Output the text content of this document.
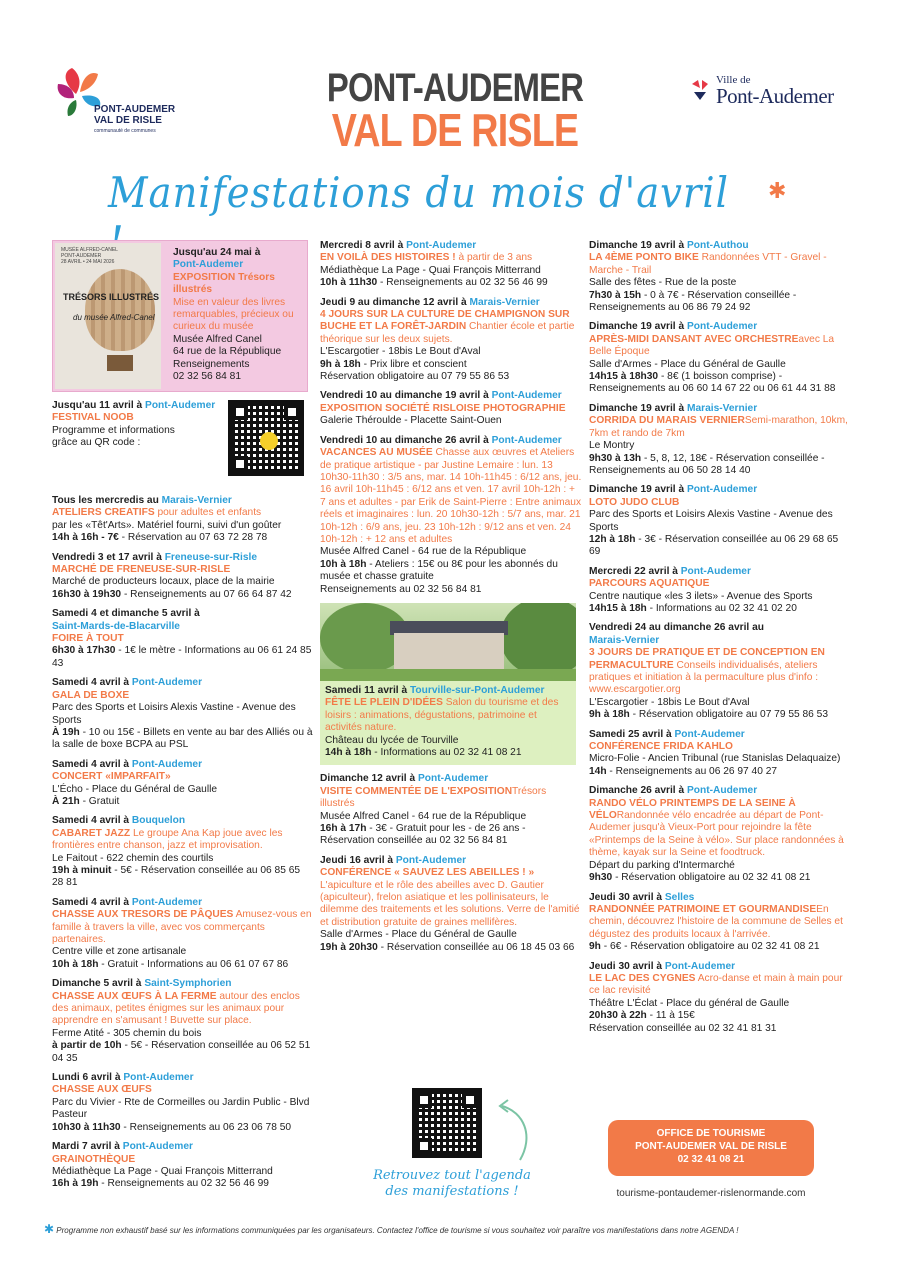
PONT-AUDEMER
VAL DE RISLE
communauté de communes
PONT-AUDEMER
VAL DE RISLE
Ville de
Pont-Audemer
Manifestations du mois d'avril	✱
MUSÉE ALFRED-CANEL
PONT-AUDEMER
28 AVRIL • 24 MAI 2026
TRÉSORS ILLUSTRÉS
du musée Alfred-Canel
Jusqu'au 24 mai à
Pont-Audemer
EXPOSITION Trésors illustrés
Mise en valeur des livres remarquables, précieux ou curieux du musée
Musée Alfred Canel
64 rue de la République
Renseignements
02 32 56 84 81
Jusqu'au 11 avril à Pont-Audemer
FESTIVAL NOOB
Programme et informations
grâce au QR code :
Tous les mercredis au Marais-Vernier
ATELIERS CREATIFS pour adultes et enfants
par les «Têt'Arts». Matériel fourni, suivi d'un goûter
14h à 16h - 7€ - Réservation au 07 63 72 28 78
Vendredi 3 et 17 avril à Freneuse-sur-Risle
MARCHÉ DE FRENEUSE-SUR-RISLE
Marché de producteurs locaux, place de la mairie
16h30 à 19h30 - Renseignements au 07 66 64 87 42
Samedi 4 et dimanche 5 avril à
Saint-Mards-de-Blacarville
FOIRE À TOUT
6h30 à 17h30 - 1€ le mètre - Informations au 06 61 24 85 43
Samedi 4 avril à Pont-Audemer
GALA DE BOXE
Parc des Sports et Loisirs Alexis Vastine - Avenue des Sports
À 19h - 10 ou 15€ - Billets en vente au bar des Alliés ou à la salle de boxe BCPA au PSL
Samedi 4 avril à Pont-Audemer
CONCERT «IMPARFAIT»
L'Écho - Place du Général de Gaulle
À 21h - Gratuit
Samedi 4 avril à Bouquelon
CABARET JAZZ Le groupe Ana Kap joue avec les frontières entre chanson, jazz et improvisation.
Le Faitout - 622 chemin des courtils
19h à minuit - 5€ - Réservation conseillée au 06 85 65 28 81
Samedi 4 avril à Pont-Audemer
CHASSE AUX TRESORS DE PÂQUES Amusez-vous en famille à travers la ville, avec vos commerçants partenaires.
Centre ville et zone artisanale
10h à 18h - Gratuit - Informations au 06 61 07 67 86
Dimanche 5 avril à Saint-Symphorien
CHASSE AUX ŒUFS À LA FERME autour des enclos des animaux, petites énigmes sur les animaux pour apprendre en s'amusant ! Buvette sur place.
Ferme Atité - 305 chemin du bois
à partir de 10h - 5€ - Réservation conseillée au 06 52 51 04 35
Lundi 6 avril à Pont-Audemer
CHASSE AUX ŒUFS
Parc du Vivier - Rte de Cormeilles ou Jardin Public - Blvd Pasteur
10h30 à 11h30 - Renseignements au 06 23 06 78 50
Mardi 7 avril à Pont-Audemer
GRAINOTHÈQUE
Médiathèque La Page - Quai François Mitterrand
16h à 19h - Renseignements au 02 32 56 46 99
Mercredi 8 avril à Pont-Audemer
EN VOILÀ DES HISTOIRES ! à partir de 3 ans
Médiathèque La Page - Quai François Mitterrand
10h à 11h30 - Renseignements au 02 32 56 46 99
Jeudi 9 au dimanche 12 avril à Marais-Vernier
4 JOURS SUR LA CULTURE DE CHAMPIGNON SUR BUCHE ET LA FORÊT-JARDIN Chantier école et partie théorique sur les deux sujets.
L'Escargotier - 18bis Le Bout d'Aval
9h à 18h - Prix libre et conscient
Réservation obligatoire au 07 79 55 86 53
Vendredi 10 au dimanche 19 avril à Pont-Audemer
EXPOSITION SOCIÉTÉ RISLOISE PHOTOGRAPHIE
Galerie Théroulde - Placette Saint-Ouen
Vendredi 10 au dimanche 26 avril à Pont-Audemer
VACANCES AU MUSÉE Chasse aux œuvres et Ateliers de pratique artistique - par Justine Lemaire : lun. 13 10h30-11h30 : 3/5 ans, mar. 14 10h-11h45 : 6/12 ans, jeu. 16 avril 10h-11h45 : 6/12 ans et ven. 17 avril 10h-12h : + 7 ans et adultes - par Erik de Saint-Pierre : Entre animaux réels et imaginaires : lun. 20 10h30-12h : 5/7 ans, mar. 21 10h-12h : 6/9 ans, jeu. 23 10h-12h : 9/12 ans et ven. 24 10h-12h : + 12 ans et adultes
Musée Alfred Canel - 64 rue de la République
10h à 18h - Ateliers : 15€ ou 8€ pour les abonnés du musée et chasse gratuite
Renseignements au 02 32 56 84 81
Samedi 11 avril à Tourville-sur-Pont-Audemer
FÊTE LE PLEIN D'IDÉES Salon du tourisme et des loisirs : animations, dégustations, patrimoine et activités nature.
Château du lycée de Tourville
14h à 18h - Informations au 02 32 41 08 21
Dimanche 12 avril à Pont-Audemer
VISITE COMMENTÉE DE L'EXPOSITIONTrésors illustrés
Musée Alfred Canel - 64 rue de la République
16h à 17h - 3€ - Gratuit pour les - de 26 ans - Réservation conseillée au 02 32 56 84 81
Jeudi 16 avril à Pont-Audemer
CONFÉRENCE « SAUVEZ LES ABEILLES ! » L'apiculture et le rôle des abeilles avec D. Gautier (apiculteur), frelon asiatique et les pollinisateurs, le dilemme des traitements et les solutions. Verre de l'amitié et distribution gratuite de graines mellifères.
Salle d'Armes - Place du Général de Gaulle
19h à 20h30 - Réservation conseillée au 06 18 45 03 66
Dimanche 19 avril à Pont-Authou
LA 4ÈME PONTO BIKE Randonnées VTT - Gravel - Marche - Trail
Salle des fêtes - Rue de la poste
7h30 à 15h - 0 à 7€ - Réservation conseillée - Renseignements au 06 86 79 24 92
Dimanche 19 avril à Pont-Audemer
APRÈS-MIDI DANSANT AVEC ORCHESTREavec La Belle Époque
Salle d'Armes - Place du Général de Gaulle
14h15 à 18h30 - 8€ (1 boisson comprise) - Renseignements au 06 60 14 67 22 ou 06 61 44 31 88
Dimanche 19 avril à Marais-Vernier
CORRIDA DU MARAIS VERNIERSemi-marathon, 10km, 7km et rando de 7km
Le Montry
9h30 à 13h - 5, 8, 12, 18€ - Réservation conseillée - Renseignements au 06 50 28 14 40
Dimanche 19 avril à Pont-Audemer
LOTO JUDO CLUB
Parc des Sports et Loisirs Alexis Vastine - Avenue des Sports
12h à 18h - 3€ - Réservation conseillée au 06 29 68 65 69
Mercredi 22 avril à Pont-Audemer
PARCOURS AQUATIQUE
Centre nautique «les 3 ilets» - Avenue des Sports
14h15 à 18h - Informations au 02 32 41 02 20
Vendredi 24 au dimanche 26 avril au
Marais-Vernier
3 JOURS DE PRATIQUE ET DE CONCEPTION EN PERMACULTURE Conseils individualisés, ateliers pratiques et initiation à la permaculture plus d'info : www.escargotier.org
L'Escargotier - 18bis Le Bout d'Aval
9h à 18h - Réservation obligatoire au 07 79 55 86 53
Samedi 25 avril à Pont-Audemer
CONFÉRENCE FRIDA KAHLO
Micro-Folie - Ancien Tribunal (rue Stanislas Delaquaize)
14h - Renseignements au 06 26 97 40 27
Dimanche 26 avril à Pont-Audemer
RANDO VÉLO PRINTEMPS DE LA SEINE À VÉLORandonnée vélo encadrée au départ de Pont-Audemer jusqu'à Vieux-Port pour rejoindre la fête «Printemps de la Seine à vélo». Sur place randonnées à thème, kayak sur la Seine et foodtruck.
Départ du parking d'Intermarché
9h30 - Réservation obligatoire au 02 32 41 08 21
Jeudi 30 avril à Selles
RANDONNÉE PATRIMOINE ET GOURMANDISEEn chemin, découvrez l'histoire de la commune de Selles et dégustez des produits locaux à l'arrivée.
9h - 6€ - Réservation obligatoire au 02 32 41 08 21
Jeudi 30 avril à Pont-Audemer
LE LAC DES CYGNES Acro-danse et main à main pour ce lac revisité
Théâtre L'Éclat - Place du général de Gaulle
20h30 à 22h - 11 à 15€
Réservation conseillée au 02 32 41 81 31
Retrouvez tout l'agenda
des manifestations !
OFFICE DE TOURISME
PONT-AUDEMER VAL DE RISLE
02 32 41 08 21
tourisme-pontaudemer-rislenormande.com
✱ Programme non exhaustif basé sur les informations communiquées par les organisateurs. Contactez l'office de tourisme si vous souhaitez voir paraître vos manifestations dans notre AGENDA !
